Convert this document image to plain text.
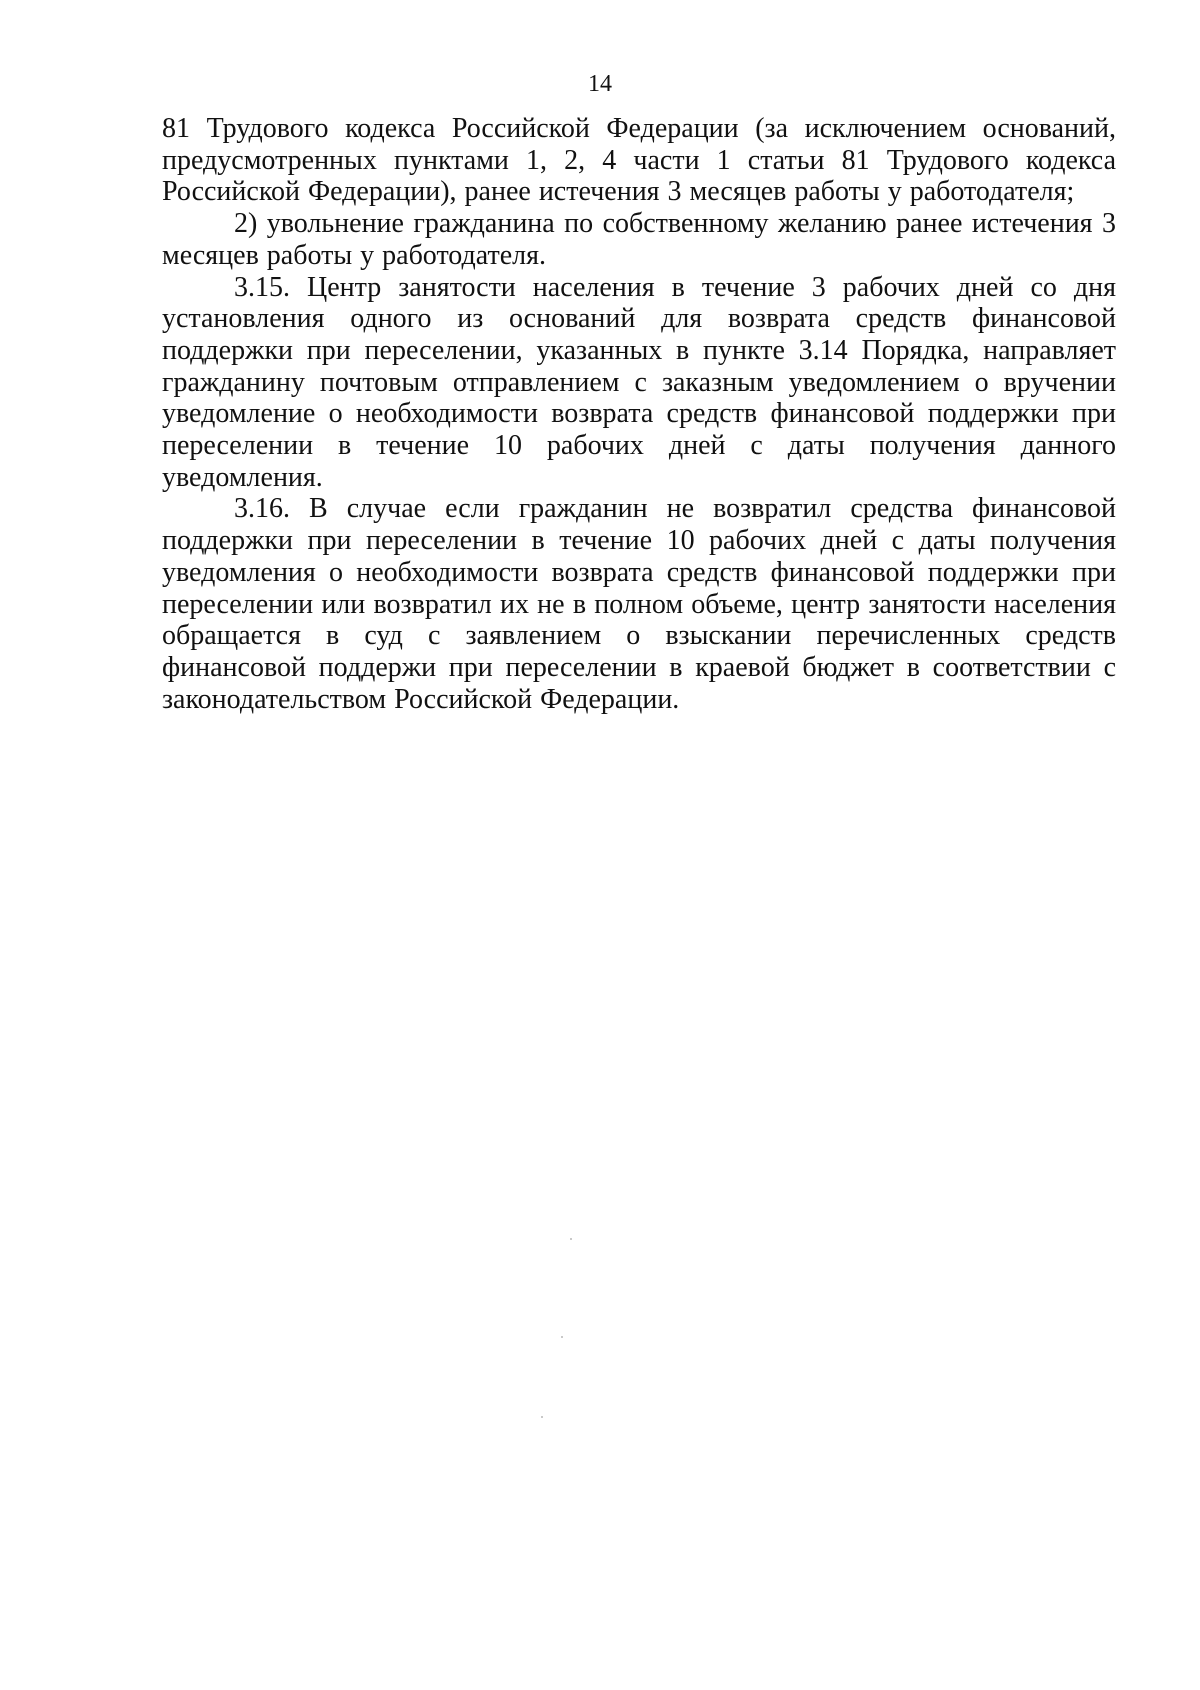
14

81 Трудового кодекса Российской Федерации (за исключением оснований, предусмотренных пунктами 1, 2, 4 части 1 статьи 81 Трудового кодекса Российской Федерации), ранее истечения 3 месяцев работы у работодателя;

2) увольнение гражданина по собственному желанию ранее истечения 3 месяцев работы у работодателя.

3.15. Центр занятости населения в течение 3 рабочих дней со дня установления одного из оснований для возврата средств финансовой поддержки при переселении, указанных в пункте 3.14 Порядка, направляет гражданину почтовым отправлением с заказным уведомлением о вручении уведомление о необходимости возврата средств финансовой поддержки при переселении в течение 10 рабочих дней с даты получения данного уведомления.

3.16. В случае если гражданин не возвратил средства финансовой поддержки при переселении в течение 10 рабочих дней с даты получения уведомления о необходимости возврата средств финансовой поддержки при переселении или возвратил их не в полном объеме, центр занятости населения обращается в суд с заявлением о взыскании перечисленных средств финансовой поддержи при переселении в краевой бюджет в соответствии с законодательством Российской Федерации.
